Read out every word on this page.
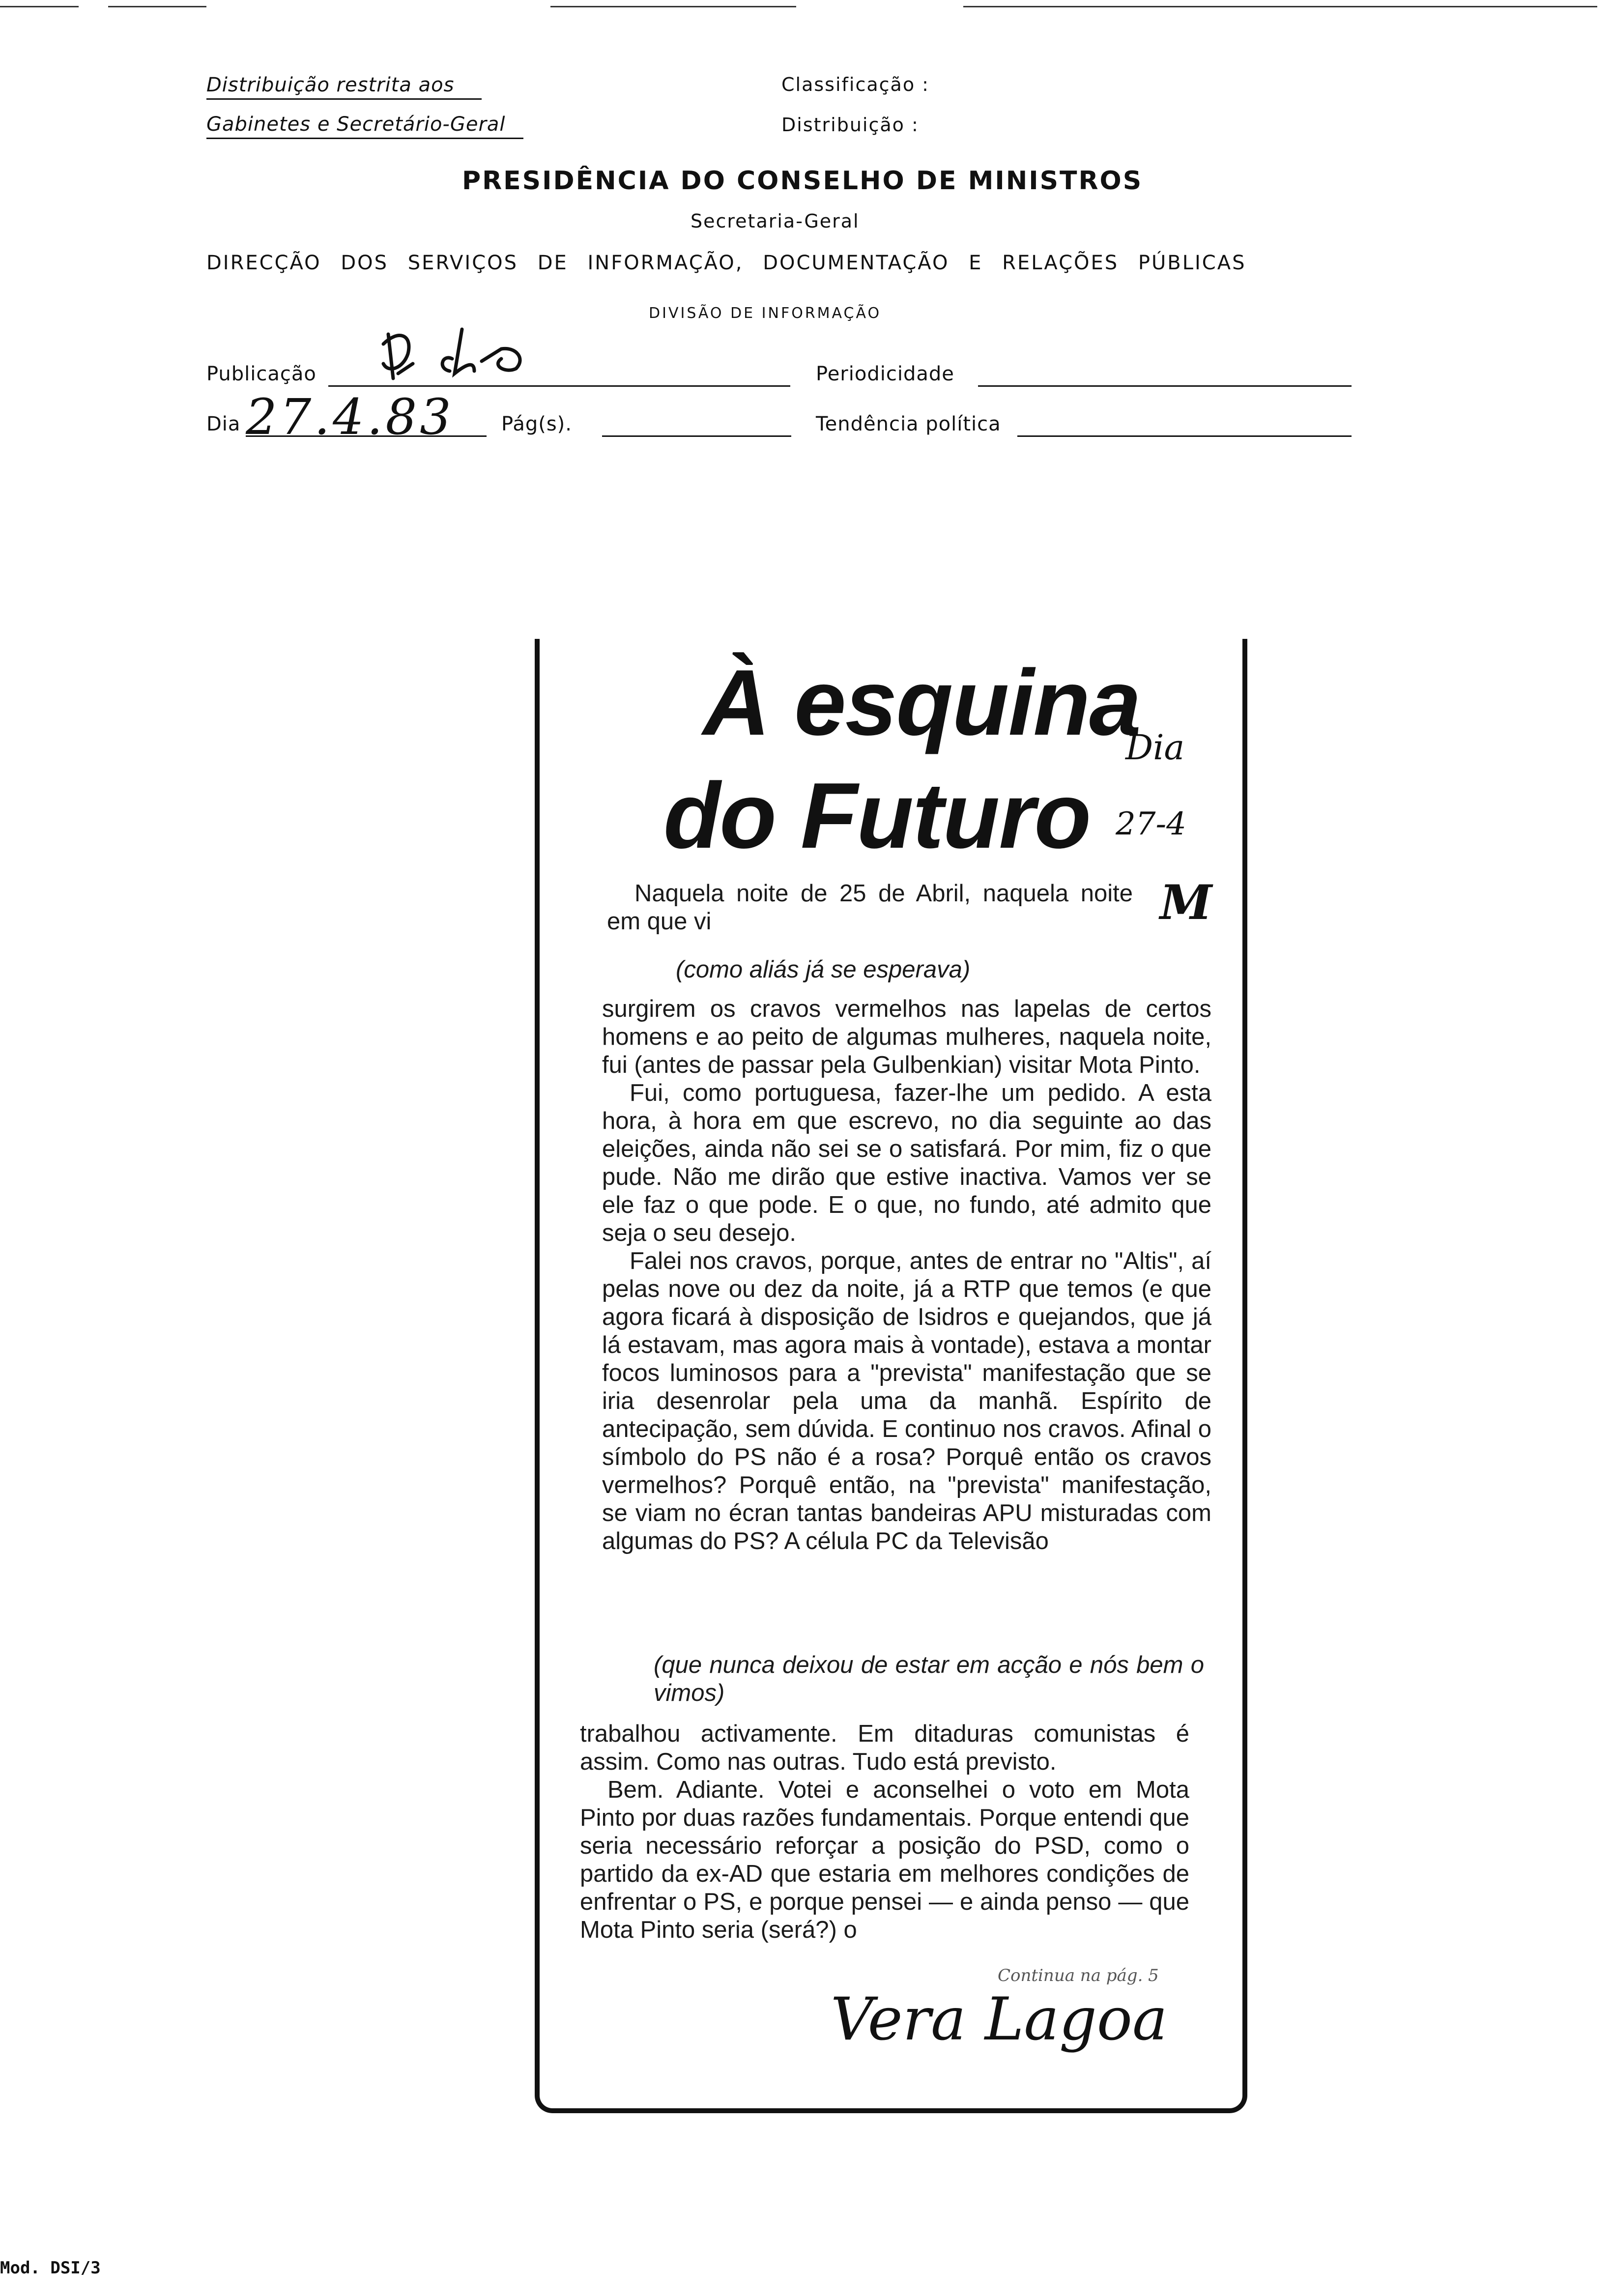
Distribuição restrita aos
Gabinetes e Secretário-Geral
Classificação :
Distribuição :
PRESIDÊNCIA DO CONSELHO DE MINISTROS
Secretaria-Geral
DIRECÇÃO DOS SERVIÇOS DE INFORMAÇÃO, DOCUMENTAÇÃO E RELAÇÕES PÚBLICAS
DIVISÃO DE INFORMAÇÃO
Publicação	Periodicidade
Dia 27.4.83 Pág(s).	Tendência política
À esquina
do Futuro
Dia
27-4
M

Naquela noite de 25 de Abril, naquela noite em que vi

(como aliás já se esperava)

surgirem os cravos vermelhos nas lapelas de certos homens e ao peito de algumas mulheres, naquela noite, fui (antes de passar pela Gulbenkian) visitar Mota Pinto.

Fui, como portuguesa, fazer-lhe um pedido. A esta hora, à hora em que escrevo, no dia seguinte ao das eleições, ainda não sei se o satisfará. Por mim, fiz o que pude. Não me dirão que estive inactiva. Vamos ver se ele faz o que pode. E o que, no fundo, até admito que seja o seu desejo.

Falei nos cravos, porque, antes de entrar no "Altis", aí pelas nove ou dez da noite, já a RTP que temos (e que agora ficará à disposição de Isidros e quejandos, que já lá estavam, mas agora mais à vontade), estava a montar focos luminosos para a "prevista" manifestação que se iria desenrolar pela uma da manhã. Espírito de antecipação, sem dúvida. E continuo nos cravos. Afinal o símbolo do PS não é a rosa? Porquê então os cravos vermelhos? Porquê então, na "prevista" manifestação, se viam no écran tantas bandeiras APU misturadas com algumas do PS? A célula PC da Televisão

(que nunca deixou de estar em acção e nós bem o vimos)

trabalhou activamente. Em ditaduras comunistas é assim. Como nas outras. Tudo está previsto.

Bem. Adiante. Votei e aconselhei o voto em Mota Pinto por duas razões fundamentais. Porque entendi que seria necessário reforçar a posição do PSD, como o partido da ex-AD que estaria em melhores condições de enfrentar o PS, e porque pensei — e ainda penso — que Mota Pinto seria (será?) o

Continua na pág. 5
Vera Lagoa
Mod. DSI/3
